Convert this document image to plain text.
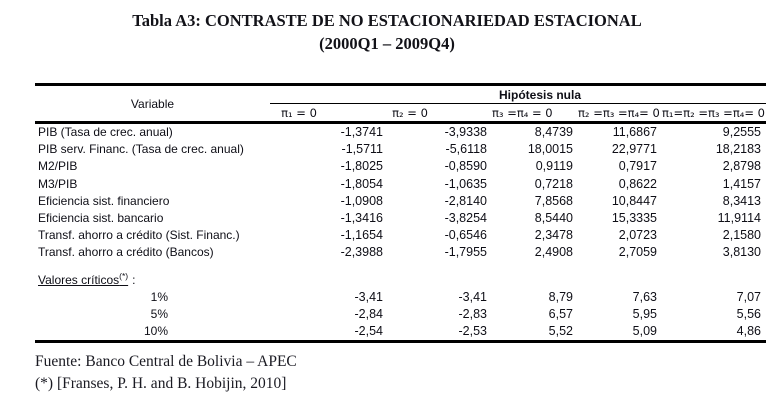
Tabla A3: CONTRASTE DE NO ESTACIONARIEDAD ESTACIONAL
(2000Q1 – 2009Q4)
Variable	Hipótesis nula				
	π₁ = 0	π₂ = 0	π₃ =π₄ = 0	π₂ =π₃ =π₄= 0	π₁=π₂ =π₃ =π₄= 0
PIB (Tasa de crec. anual)	-1,3741	-3,9338	8,4739	11,6867	9,2555
PIB serv. Financ. (Tasa de crec. anual)	-1,5711	-5,6118	18,0015	22,9771	18,2183
M2/PIB	-1,8025	-0,8590	0,9119	0,7917	2,8798
M3/PIB	-1,8054	-1,0635	0,7218	0,8622	1,4157
Eficiencia sist. financiero	-1,0908	-2,8140	7,8568	10,8447	8,3413
Eficiencia sist. bancario	-1,3416	-3,8254	8,5440	15,3335	11,9114
Transf. ahorro a crédito (Sist. Financ.)	-1,1654	-0,6546	2,3478	2,0723	2,1580
Transf. ahorro a crédito (Bancos)	-2,3988	-1,7955	2,4908	2,7059	3,8130

Valores críticos(*) :					
1%	-3,41	-3,41	8,79	7,63	7,07
5%	-2,84	-2,83	6,57	5,95	5,56
10%	-2,54	-2,53	5,52	5,09	4,86
Fuente: Banco Central de Bolivia – APEC
(*) [Franses, P. H. and B. Hobijin, 2010]
